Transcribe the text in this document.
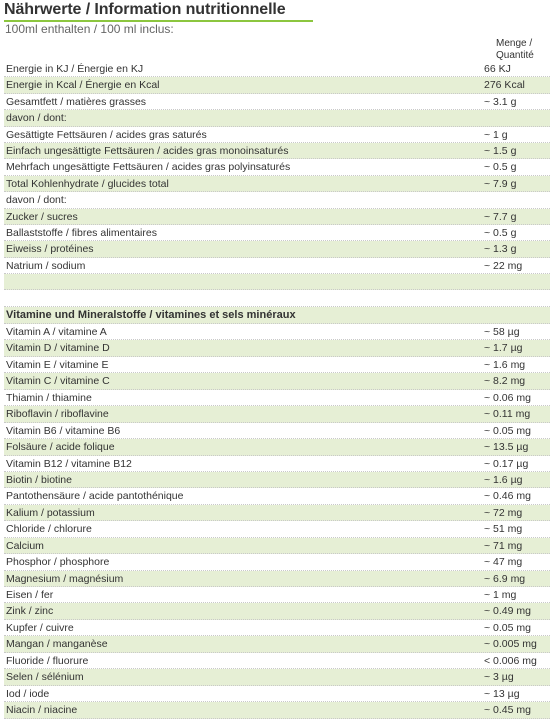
Nährwerte / Information nutritionnelle
100ml enthalten / 100 ml inclus:
Menge /
Quantité
Energie in KJ / Énergie en KJ	66 KJ
Energie in Kcal / Énergie en Kcal	276 Kcal
Gesamtfett / matières grasses	~ 3.1 g
davon / dont:
Gesättigte Fettsäuren / acides gras saturés	~ 1 g
Einfach ungesättigte Fettsäuren / acides gras monoinsaturés	~ 1.5 g
Mehrfach ungesättigte Fettsäuren / acides gras polyinsaturés	~ 0.5 g
Total Kohlenhydrate / glucides total	~ 7.9 g
davon / dont:
Zucker / sucres	~ 7.7 g
Ballaststoffe / fibres alimentaires	~ 0.5 g
Eiweiss / protéines	~ 1.3 g
Natrium / sodium	~ 22 mg
Vitamine und Mineralstoffe / vitamines et sels minéraux
Vitamin A / vitamine A	~ 58 µg
Vitamin D / vitamine D	~ 1.7 µg
Vitamin E / vitamine E	~ 1.6 mg
Vitamin C / vitamine C	~ 8.2 mg
Thiamin / thiamine	~ 0.06 mg
Riboflavin / riboflavine	~ 0.11 mg
Vitamin B6 / vitamine B6	~ 0.05 mg
Folsäure / acide folique	~ 13.5 µg
Vitamin B12 / vitamine B12	~ 0.17 µg
Biotin / biotine	~ 1.6 µg
Pantothensäure / acide pantothénique	~ 0.46 mg
Kalium / potassium	~ 72 mg
Chloride / chlorure	~ 51 mg
Calcium	~ 71 mg
Phosphor / phosphore	~ 47 mg
Magnesium / magnésium	~ 6.9 mg
Eisen / fer	~ 1 mg
Zink / zinc	~ 0.49 mg
Kupfer / cuivre	~ 0.05 mg
Mangan / manganèse	~ 0.005 mg
Fluoride / fluorure	< 0.006 mg
Selen / sélénium	~ 3 µg
Iod / iode	~ 13 µg
Niacin / niacine	~ 0.45 mg
